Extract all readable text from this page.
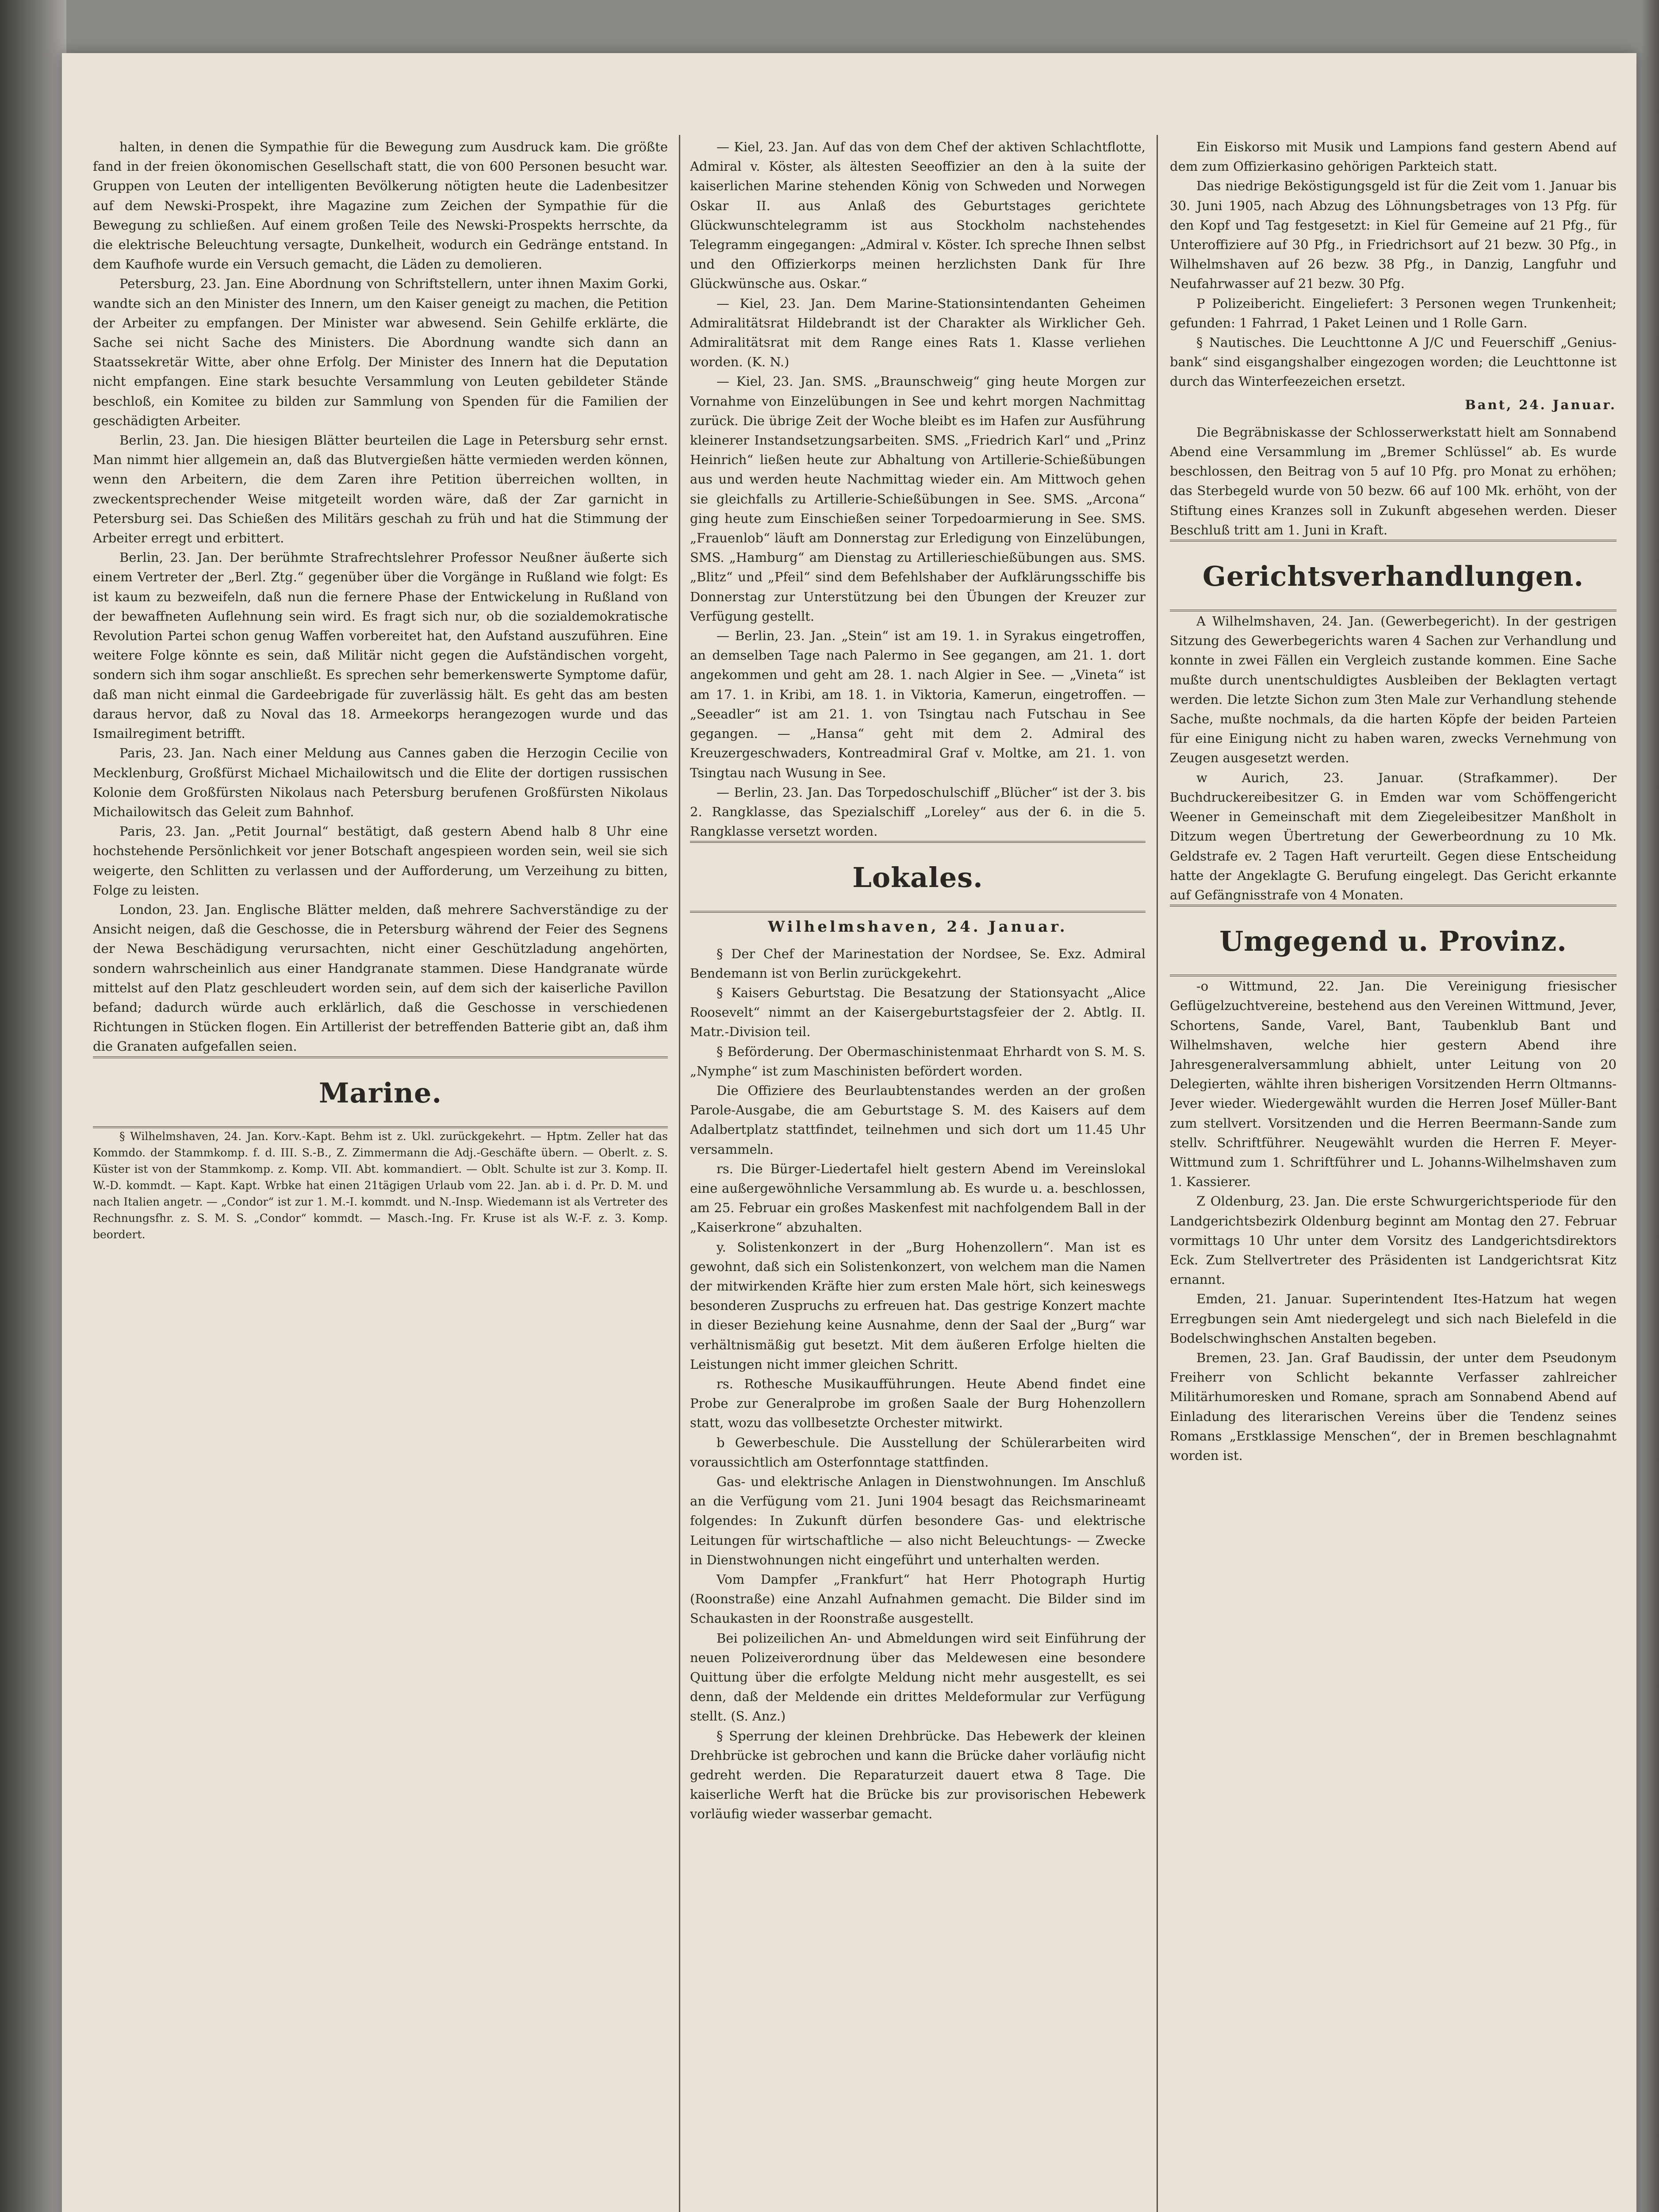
halten, in denen die Sympathie für die Bewegung zum Ausdruck kam. Die größte fand in der freien ökonomischen Gesellschaft statt, die von 600 Personen besucht war. Gruppen von Leuten der intelligenten Bevölkerung nötigten heute die Ladenbesitzer auf dem Newski-Prospekt, ihre Magazine zum Zeichen der Sympathie für die Bewegung zu schließen. Auf einem großen Teile des Newski-Prospekts herrschte, da die elektrische Beleuchtung versagte, Dunkelheit, wodurch ein Gedränge entstand. In dem Kaufhofe wurde ein Versuch gemacht, die Läden zu demolieren.

Petersburg, 23. Jan. Eine Abordnung von Schriftstellern, unter ihnen Maxim Gorki, wandte sich an den Minister des Innern, um den Kaiser geneigt zu machen, die Petition der Arbeiter zu empfangen. Der Minister war abwesend. Sein Gehilfe erklärte, die Sache sei nicht Sache des Ministers. Die Abordnung wandte sich dann an Staatssekretär Witte, aber ohne Erfolg. Der Minister des Innern hat die Deputation nicht empfangen. Eine stark besuchte Versammlung von Leuten gebildeter Stände beschloß, ein Komitee zu bilden zur Sammlung von Spenden für die Familien der geschädigten Arbeiter.

Berlin, 23. Jan. Die hiesigen Blätter beurteilen die Lage in Petersburg sehr ernst. Man nimmt hier allgemein an, daß das Blutvergießen hätte vermieden werden können, wenn den Arbeitern, die dem Zaren ihre Petition überreichen wollten, in zweckentsprechender Weise mitgeteilt worden wäre, daß der Zar garnicht in Petersburg sei. Das Schießen des Militärs geschah zu früh und hat die Stimmung der Arbeiter erregt und erbittert.

Berlin, 23. Jan. Der berühmte Strafrechtslehrer Professor Neußner äußerte sich einem Vertreter der „Berl. Ztg.“ gegenüber über die Vorgänge in Rußland wie folgt: Es ist kaum zu bezweifeln, daß nun die fernere Phase der Entwickelung in Rußland von der bewaffneten Auflehnung sein wird. Es fragt sich nur, ob die sozialdemokratische Revolution Partei schon genug Waffen vorbereitet hat, den Aufstand auszuführen. Eine weitere Folge könnte es sein, daß Militär nicht gegen die Aufständischen vorgeht, sondern sich ihm sogar anschließt. Es sprechen sehr bemerkenswerte Symptome dafür, daß man nicht einmal die Gardeebrigade für zuverlässig hält. Es geht das am besten daraus hervor, daß zu Noval das 18. Armeekorps herangezogen wurde und das Ismailregiment betrifft.

Paris, 23. Jan. Nach einer Meldung aus Cannes gaben die Herzogin Cecilie von Mecklenburg, Großfürst Michael Michailowitsch und die Elite der dortigen russischen Kolonie dem Großfürsten Nikolaus nach Petersburg berufenen Großfürsten Nikolaus Michailowitsch das Geleit zum Bahnhof.

Paris, 23. Jan. „Petit Journal“ bestätigt, daß gestern Abend halb 8 Uhr eine hochstehende Persönlichkeit vor jener Botschaft angespieen worden sein, weil sie sich weigerte, den Schlitten zu verlassen und der Aufforderung, um Verzeihung zu bitten, Folge zu leisten.

London, 23. Jan. Englische Blätter melden, daß mehrere Sachverständige zu der Ansicht neigen, daß die Geschosse, die in Petersburg während der Feier des Segnens der Newa Beschädigung verursachten, nicht einer Geschützladung angehörten, sondern wahrscheinlich aus einer Handgranate stammen. Diese Handgranate würde mittelst auf den Platz geschleudert worden sein, auf dem sich der kaiserliche Pavillon befand; dadurch würde auch erklärlich, daß die Geschosse in verschiedenen Richtungen in Stücken flogen. Ein Artillerist der betreffenden Batterie gibt an, daß ihm die Granaten aufgefallen seien.

Marine.

§ Wilhelmshaven, 24. Jan. Korv.-Kapt. Behm ist z. Ukl. zurückgekehrt. — Hptm. Zeller hat das Kommdo. der Stammkomp. f. d. III. S.-B., Z. Zimmermann die Adj.-Geschäfte übern. — Oberlt. z. S. Küster ist von der Stammkomp. z. Komp. VII. Abt. kommandiert. — Oblt. Schulte ist zur 3. Komp. II. W.-D. kommdt. — Kapt. Kapt. Wrbke hat einen 21tägigen Urlaub vom 22. Jan. ab i. d. Pr. D. M. und nach Italien angetr. — „Condor“ ist zur 1. M.-I. kommdt. und N.-Insp. Wiedemann ist als Vertreter des Rechnungsfhr. z. S. M. S. „Condor“ kommdt. — Masch.-Ing. Fr. Kruse ist als W.-F. z. 3. Komp. beordert.

— Kiel, 23. Jan. Auf das von dem Chef der aktiven Schlachtflotte, Admiral v. Köster, als ältesten Seeoffizier an den à la suite der kaiserlichen Marine stehenden König von Schweden und Norwegen Oskar II. aus Anlaß des Geburtstages gerichtete Glückwunschtelegramm ist aus Stockholm nachstehendes Telegramm eingegangen: „Admiral v. Köster. Ich spreche Ihnen selbst und den Offizierkorps meinen herzlichsten Dank für Ihre Glückwünsche aus. Oskar.“

— Kiel, 23. Jan. Dem Marine-Stationsintendanten Geheimen Admiralitätsrat Hildebrandt ist der Charakter als Wirklicher Geh. Admiralitätsrat mit dem Range eines Rats 1. Klasse verliehen worden. (K. N.)

— Kiel, 23. Jan. SMS. „Braunschweig“ ging heute Morgen zur Vornahme von Einzelübungen in See und kehrt morgen Nachmittag zurück. Die übrige Zeit der Woche bleibt es im Hafen zur Ausführung kleinerer Instandsetzungsarbeiten. SMS. „Friedrich Karl“ und „Prinz Heinrich“ ließen heute zur Abhaltung von Artillerie-Schießübungen aus und werden heute Nachmittag wieder ein. Am Mittwoch gehen sie gleichfalls zu Artillerie-Schießübungen in See. SMS. „Arcona“ ging heute zum Einschießen seiner Torpedoarmierung in See. SMS. „Frauenlob“ läuft am Donnerstag zur Erledigung von Einzelübungen, SMS. „Hamburg“ am Dienstag zu Artillerieschießübungen aus. SMS. „Blitz“ und „Pfeil“ sind dem Befehlshaber der Aufklärungsschiffe bis Donnerstag zur Unterstützung bei den Übungen der Kreuzer zur Verfügung gestellt.

— Berlin, 23. Jan. „Stein“ ist am 19. 1. in Syrakus eingetroffen, an demselben Tage nach Palermo in See gegangen, am 21. 1. dort angekommen und geht am 28. 1. nach Algier in See. — „Vineta“ ist am 17. 1. in Kribi, am 18. 1. in Viktoria, Kamerun, eingetroffen. — „Seeadler“ ist am 21. 1. von Tsingtau nach Futschau in See gegangen. — „Hansa“ geht mit dem 2. Admiral des Kreuzergeschwaders, Kontreadmiral Graf v. Moltke, am 21. 1. von Tsingtau nach Wusung in See.

— Berlin, 23. Jan. Das Torpedoschulschiff „Blücher“ ist der 3. bis 2. Rangklasse, das Spezialschiff „Loreley“ aus der 6. in die 5. Rangklasse versetzt worden.

Lokales.
Wilhelmshaven, 24. Januar.

§ Der Chef der Marinestation der Nordsee, Se. Exz. Admiral Bendemann ist von Berlin zurückgekehrt.

§ Kaisers Geburtstag. Die Besatzung der Stationsyacht „Alice Roosevelt“ nimmt an der Kaisergeburtstagsfeier der 2. Abtlg. II. Matr.-Division teil.

§ Beförderung. Der Obermaschinistenmaat Ehrhardt von S. M. S. „Nymphe“ ist zum Maschinisten befördert worden.

Die Offiziere des Beurlaubtenstandes werden an der großen Parole-Ausgabe, die am Geburtstage S. M. des Kaisers auf dem Adalbertplatz stattfindet, teilnehmen und sich dort um 11.45 Uhr versammeln.

rs. Die Bürger-Liedertafel hielt gestern Abend im Vereinslokal eine außergewöhnliche Versammlung ab. Es wurde u. a. beschlossen, am 25. Februar ein großes Maskenfest mit nachfolgendem Ball in der „Kaiserkrone“ abzuhalten.

y. Solistenkonzert in der „Burg Hohenzollern“. Man ist es gewohnt, daß sich ein Solistenkonzert, von welchem man die Namen der mitwirkenden Kräfte hier zum ersten Male hört, sich keineswegs besonderen Zuspruchs zu erfreuen hat. Das gestrige Konzert machte in dieser Beziehung keine Ausnahme, denn der Saal der „Burg“ war verhältnismäßig gut besetzt. Mit dem äußeren Erfolge hielten die Leistungen nicht immer gleichen Schritt.

rs. Rothesche Musikaufführungen. Heute Abend findet eine Probe zur Generalprobe im großen Saale der Burg Hohenzollern statt, wozu das vollbesetzte Orchester mitwirkt.

b Gewerbeschule. Die Ausstellung der Schülerarbeiten wird voraussichtlich am Osterfonntage stattfinden.

Gas- und elektrische Anlagen in Dienstwohnungen. Im Anschluß an die Verfügung vom 21. Juni 1904 besagt das Reichsmarineamt folgendes: In Zukunft dürfen besondere Gas- und elektrische Leitungen für wirtschaftliche — also nicht Beleuchtungs- — Zwecke in Dienstwohnungen nicht eingeführt und unterhalten werden.

Vom Dampfer „Frankfurt“ hat Herr Photograph Hurtig (Roonstraße) eine Anzahl Aufnahmen gemacht. Die Bilder sind im Schaukasten in der Roonstraße ausgestellt.

Bei polizeilichen An- und Abmeldungen wird seit Einführung der neuen Polizeiverordnung über das Meldewesen eine besondere Quittung über die erfolgte Meldung nicht mehr ausgestellt, es sei denn, daß der Meldende ein drittes Meldeformular zur Verfügung stellt. (S. Anz.)

§ Sperrung der kleinen Drehbrücke. Das Hebewerk der kleinen Drehbrücke ist gebrochen und kann die Brücke daher vorläufig nicht gedreht werden. Die Reparaturzeit dauert etwa 8 Tage. Die kaiserliche Werft hat die Brücke bis zur provisorischen Hebewerk vorläufig wieder wasserbar gemacht.

Ein Eiskorso mit Musik und Lampions fand gestern Abend auf dem zum Offizierkasino gehörigen Parkteich statt.

Das niedrige Beköstigungsgeld ist für die Zeit vom 1. Januar bis 30. Juni 1905, nach Abzug des Löhnungsbetrages von 13 Pfg. für den Kopf und Tag festgesetzt: in Kiel für Gemeine auf 21 Pfg., für Unteroffiziere auf 30 Pfg., in Friedrichsort auf 21 bezw. 30 Pfg., in Wilhelmshaven auf 26 bezw. 38 Pfg., in Danzig, Langfuhr und Neufahrwasser auf 21 bezw. 30 Pfg.

P Polizeibericht. Eingeliefert: 3 Personen wegen Trunkenheit; gefunden: 1 Fahrrad, 1 Paket Leinen und 1 Rolle Garn.

§ Nautisches. Die Leuchttonne A J/C und Feuerschiff „Genius-bank“ sind eisgangshalber eingezogen worden; die Leuchttonne ist durch das Winterfeezeichen ersetzt.

Bant, 24. Januar.

Die Begräbniskasse der Schlosserwerkstatt hielt am Sonnabend Abend eine Versammlung im „Bremer Schlüssel“ ab. Es wurde beschlossen, den Beitrag von 5 auf 10 Pfg. pro Monat zu erhöhen; das Sterbegeld wurde von 50 bezw. 66 auf 100 Mk. erhöht, von der Stiftung eines Kranzes soll in Zukunft abgesehen werden. Dieser Beschluß tritt am 1. Juni in Kraft.

Gerichtsverhandlungen.

A Wilhelmshaven, 24. Jan. (Gewerbegericht). In der gestrigen Sitzung des Gewerbegerichts waren 4 Sachen zur Verhandlung und konnte in zwei Fällen ein Vergleich zustande kommen. Eine Sache mußte durch unentschuldigtes Ausbleiben der Beklagten vertagt werden. Die letzte Sichon zum 3ten Male zur Verhandlung stehende Sache, mußte nochmals, da die harten Köpfe der beiden Parteien für eine Einigung nicht zu haben waren, zwecks Vernehmung von Zeugen ausgesetzt werden.

w Aurich, 23. Januar. (Strafkammer). Der Buchdruckereibesitzer G. in Emden war vom Schöffengericht Weener in Gemeinschaft mit dem Ziegeleibesitzer Manßholt in Ditzum wegen Übertretung der Gewerbeordnung zu 10 Mk. Geldstrafe ev. 2 Tagen Haft verurteilt. Gegen diese Entscheidung hatte der Angeklagte G. Berufung eingelegt. Das Gericht erkannte auf Gefängnisstrafe von 4 Monaten.

Umgegend u. Provinz.

-o Wittmund, 22. Jan. Die Vereinigung friesischer Geflügelzuchtvereine, bestehend aus den Vereinen Wittmund, Jever, Schortens, Sande, Varel, Bant, Taubenklub Bant und Wilhelmshaven, welche hier gestern Abend ihre Jahresgeneralversammlung abhielt, unter Leitung von 20 Delegierten, wählte ihren bisherigen Vorsitzenden Herrn Oltmanns-Jever wieder. Wiedergewählt wurden die Herren Josef Müller-Bant zum stellvert. Vorsitzenden und die Herren Beermann-Sande zum stellv. Schriftführer. Neugewählt wurden die Herren F. Meyer-Wittmund zum 1. Schriftführer und L. Johanns-Wilhelmshaven zum 1. Kassierer.

Z Oldenburg, 23. Jan. Die erste Schwurgerichtsperiode für den Landgerichtsbezirk Oldenburg beginnt am Montag den 27. Februar vormittags 10 Uhr unter dem Vorsitz des Landgerichtsdirektors Eck. Zum Stellvertreter des Präsidenten ist Landgerichtsrat Kitz ernannt.

Emden, 21. Januar. Superintendent Ites-Hatzum hat wegen Erregbungen sein Amt niedergelegt und sich nach Bielefeld in die Bodelschwinghschen Anstalten begeben.

Bremen, 23. Jan. Graf Baudissin, der unter dem Pseudonym Freiherr von Schlicht bekannte Verfasser zahlreicher Militärhumoresken und Romane, sprach am Sonnabend Abend auf Einladung des literarischen Vereins über die Tendenz seines Romans „Erstklassige Menschen“, der in Bremen beschlagnahmt worden ist.
